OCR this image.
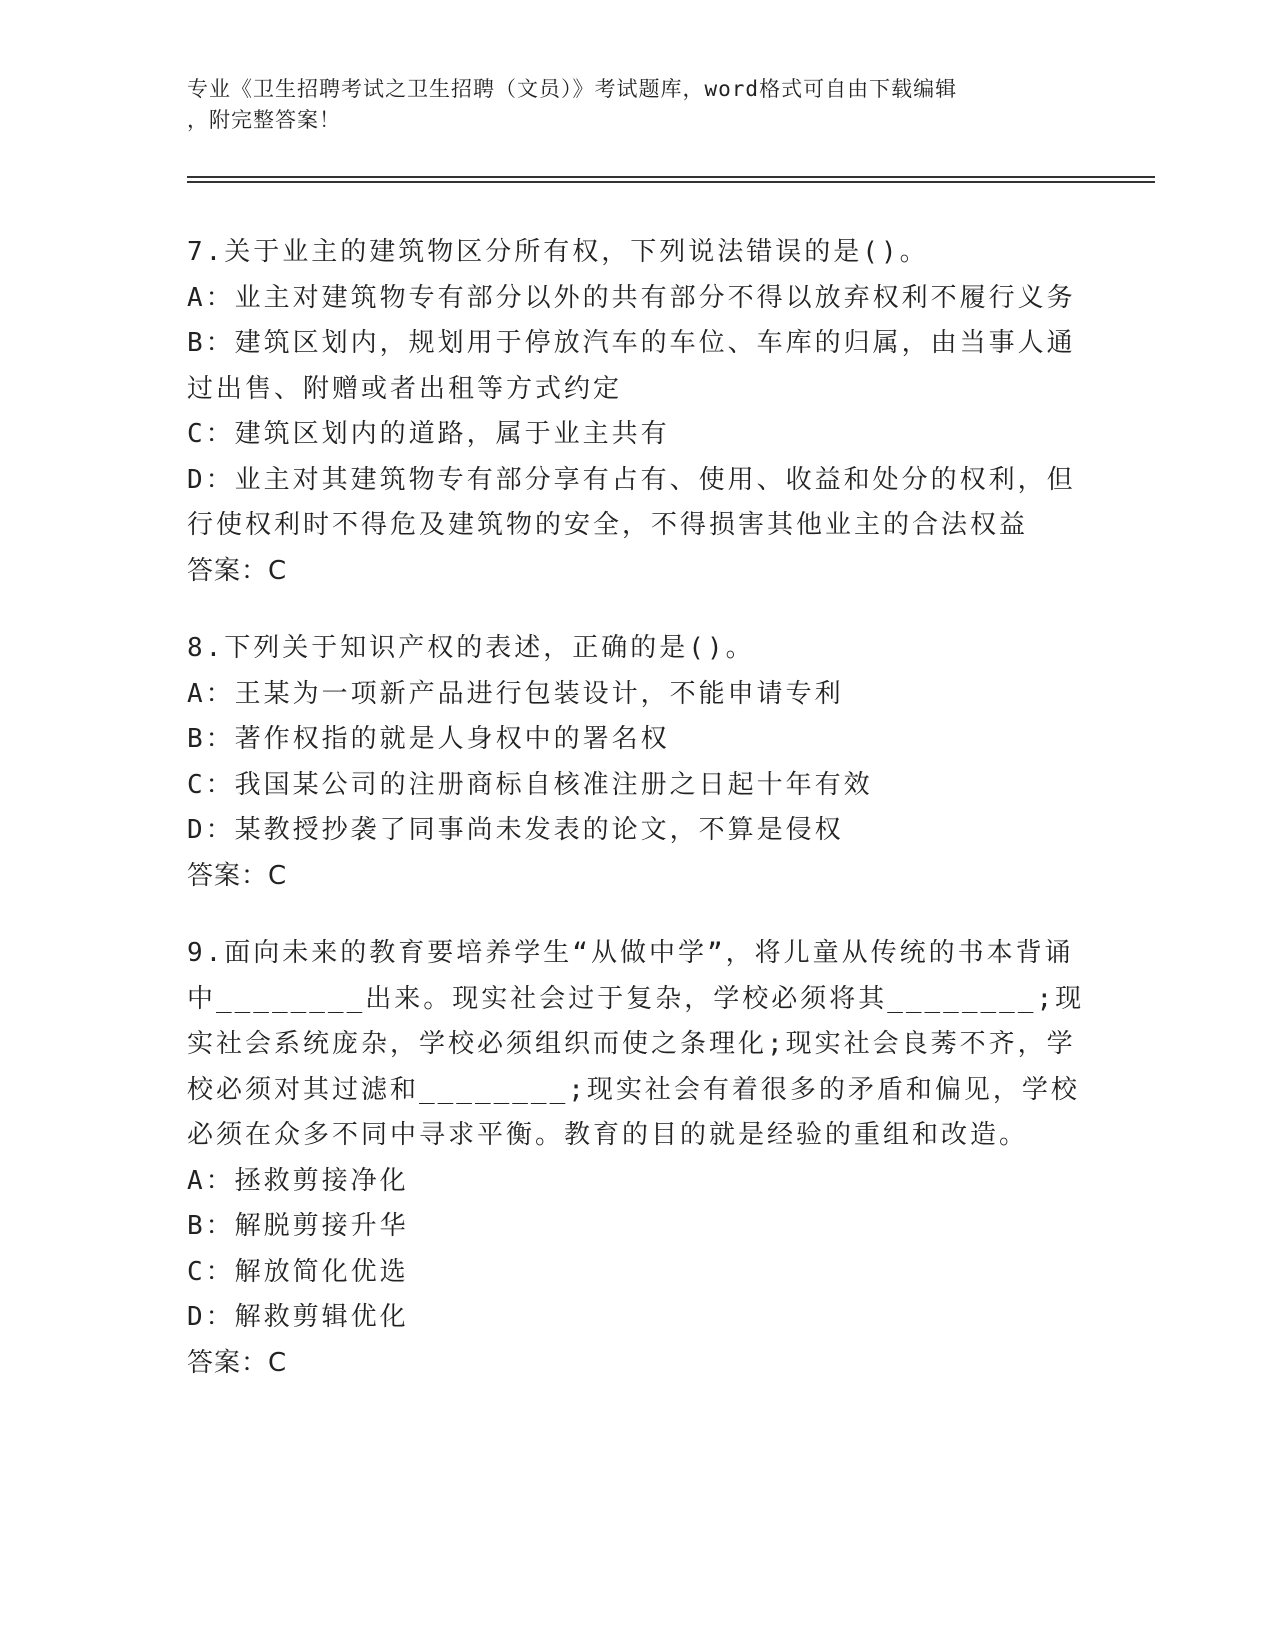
专业《卫生招聘考试之卫生招聘（文员）》考试题库，word格式可自由下载编辑

，附完整答案！

7.关于业主的建筑物区分所有权，下列说法错误的是()。

A：业主对建筑物专有部分以外的共有部分不得以放弃权利不履行义务

B：建筑区划内，规划用于停放汽车的车位、车库的归属，由当事人通过出售、附赠或者出租等方式约定

C：建筑区划内的道路，属于业主共有

D：业主对其建筑物专有部分享有占有、使用、收益和处分的权利，但行使权利时不得危及建筑物的安全，不得损害其他业主的合法权益

答案：C

8.下列关于知识产权的表述，正确的是()。

A：王某为一项新产品进行包装设计，不能申请专利

B：著作权指的就是人身权中的署名权

C：我国某公司的注册商标自核准注册之日起十年有效

D：某教授抄袭了同事尚未发表的论文，不算是侵权

答案：C

9.面向未来的教育要培养学生“从做中学”，将儿童从传统的书本背诵中________出来。现实社会过于复杂，学校必须将其________;现实社会系统庞杂，学校必须组织而使之条理化;现实社会良莠不齐，学校必须对其过滤和________;现实社会有着很多的矛盾和偏见，学校必须在众多不同中寻求平衡。教育的目的就是经验的重组和改造。

A：拯救剪接净化

B：解脱剪接升华

C：解放简化优选

D：解救剪辑优化

答案：C
